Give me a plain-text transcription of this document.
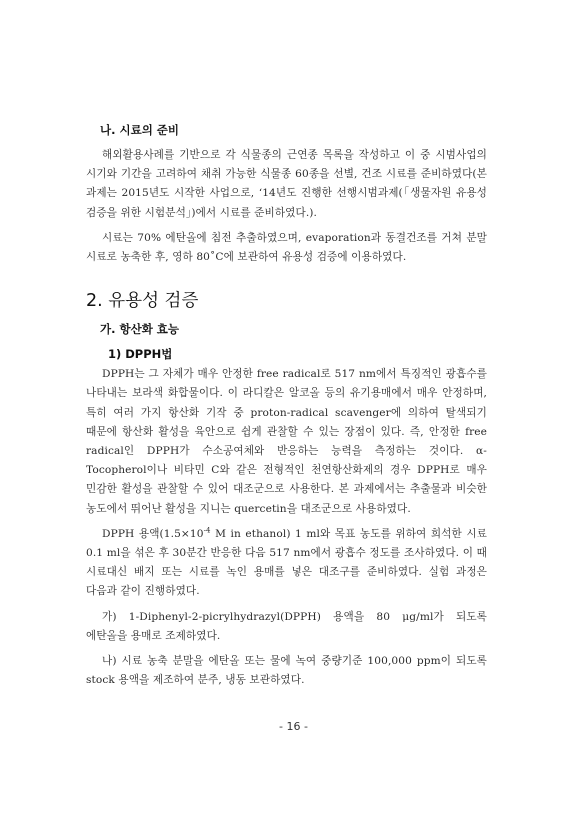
나. 시료의 준비

해외활용사례를 기반으로 각 식물종의 근연종 목록을 작성하고 이 중 시범사업의 시기와 기간을 고려하여 채취 가능한 식물종 60종을 선별, 건조 시료를 준비하였다(본 과제는 2015년도 시작한 사업으로, ‘14년도 진행한 선행시범과제(「생물자원 유용성 검증을 위한 시험분석」)에서 시료를 준비하였다.).

시료는 70% 에탄올에 침전 추출하였으며, evaporation과 동결건조를 거쳐 분말 시료로 농축한 후, 영하 80˚C에 보관하여 유용성 검증에 이용하였다.

2. 유용성 검증
가. 항산화 효능
1) DPPH법

DPPH는 그 자체가 매우 안정한 free radical로 517 nm에서 특징적인 광흡수를 나타내는 보라색 화합물이다. 이 라디칼은 알코올 등의 유기용매에서 매우 안정하며, 특히 여러 가지 항산화 기작 중 proton-radical scavenger에 의하여 탈색되기 때문에 항산화 활성을 육안으로 쉽게 관찰할 수 있는 장점이 있다. 즉, 안정한 free radical인 DPPH가 수소공여체와 반응하는 능력을 측정하는 것이다. α-Tocopherol이나 비타민 C와 같은 전형적인 천연항산화제의 경우 DPPH로 매우 민감한 활성을 관찰할 수 있어 대조군으로 사용한다. 본 과제에서는 추출물과 비슷한 농도에서 뛰어난 활성을 지니는 quercetin을 대조군으로 사용하였다.

DPPH 용액($1.5\times 10^{-4}$ M in ethanol) 1 ml와 목표 농도를 위하여 희석한 시료 0.1 ml을 섞은 후 30분간 반응한 다음 517 nm에서 광흡수 정도를 조사하였다. 이 때 시료대신 배지 또는 시료를 녹인 용매를 넣은 대조구를 준비하였다. 실험 과정은 다음과 같이 진행하였다.

가) 1-Diphenyl-2-picrylhydrazyl(DPPH) 용액을 80 μg/ml가 되도록 에탄올을 용매로 조제하였다.

나) 시료 농축 분말을 에탄올 또는 물에 녹여 중량기준 100,000 ppm이 되도록 stock 용액을 제조하여 분주, 냉동 보관하였다.

- 16 -
